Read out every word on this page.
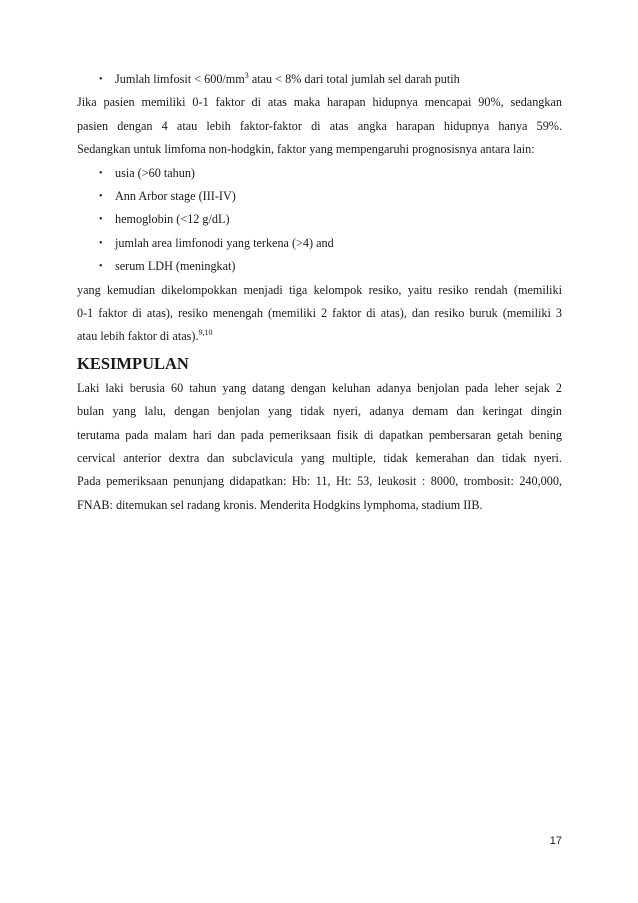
• Jumlah limfosit < $600/mm^3$ atau < 8% dari total jumlah sel darah putih
Jika pasien memiliki 0-1 faktor di atas maka harapan hidupnya mencapai 90%, sedangkan
pasien dengan 4 atau lebih faktor-faktor di atas angka harapan hidupnya hanya 59%.
Sedangkan untuk limfoma non-hodgkin, faktor yang mempengaruhi prognosisnya antara lain:
• usia (>60 tahun)
• Ann Arbor stage (III-IV)
• hemoglobin (<12 g/dL)
• jumlah area limfonodi yang terkena (>4) and
• serum LDH (meningkat)
yang kemudian dikelompokkan menjadi tiga kelompok resiko, yaitu resiko rendah (memiliki
0-1 faktor di atas), resiko menengah (memiliki 2 faktor di atas), dan resiko buruk (memiliki 3
atau lebih faktor di atas).$^{9,10}$
KESIMPULAN
Laki laki berusia 60 tahun yang datang dengan keluhan adanya benjolan pada leher sejak 2
bulan yang lalu, dengan benjolan yang tidak nyeri, adanya demam dan keringat dingin
terutama pada malam hari dan pada pemeriksaan fisik di dapatkan pembersaran getah bening
cervical anterior dextra dan subclavicula yang multiple, tidak kemerahan dan tidak nyeri.
Pada pemeriksaan penunjang didapatkan: Hb: 11, Ht: 53, leukosit : 8000, trombosit: 240,000,
FNAB: ditemukan sel radang kronis. Menderita Hodgkins lymphoma, stadium IIB.
17
